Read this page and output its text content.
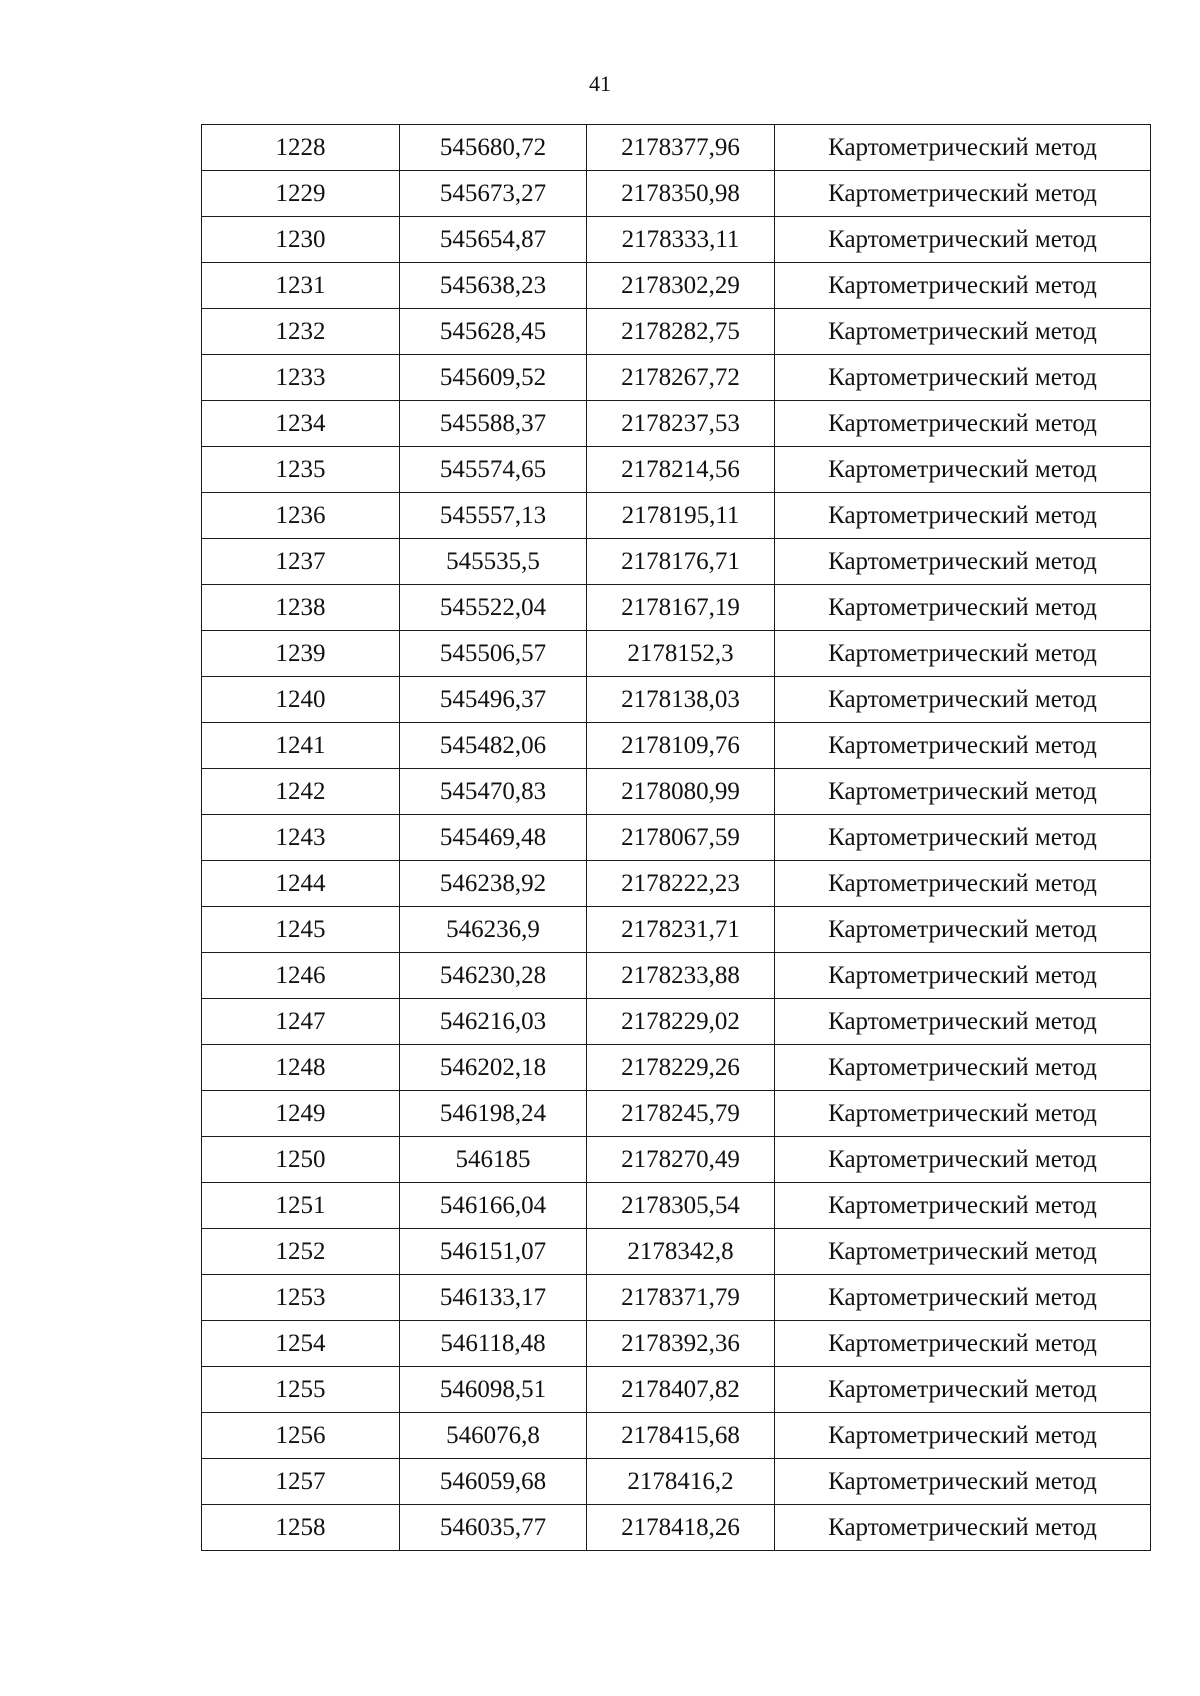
41
1228	545680,72	2178377,96	Картометрический метод
1229	545673,27	2178350,98	Картометрический метод
1230	545654,87	2178333,11	Картометрический метод
1231	545638,23	2178302,29	Картометрический метод
1232	545628,45	2178282,75	Картометрический метод
1233	545609,52	2178267,72	Картометрический метод
1234	545588,37	2178237,53	Картометрический метод
1235	545574,65	2178214,56	Картометрический метод
1236	545557,13	2178195,11	Картометрический метод
1237	545535,5	2178176,71	Картометрический метод
1238	545522,04	2178167,19	Картометрический метод
1239	545506,57	2178152,3	Картометрический метод
1240	545496,37	2178138,03	Картометрический метод
1241	545482,06	2178109,76	Картометрический метод
1242	545470,83	2178080,99	Картометрический метод
1243	545469,48	2178067,59	Картометрический метод
1244	546238,92	2178222,23	Картометрический метод
1245	546236,9	2178231,71	Картометрический метод
1246	546230,28	2178233,88	Картометрический метод
1247	546216,03	2178229,02	Картометрический метод
1248	546202,18	2178229,26	Картометрический метод
1249	546198,24	2178245,79	Картометрический метод
1250	546185	2178270,49	Картометрический метод
1251	546166,04	2178305,54	Картометрический метод
1252	546151,07	2178342,8	Картометрический метод
1253	546133,17	2178371,79	Картометрический метод
1254	546118,48	2178392,36	Картометрический метод
1255	546098,51	2178407,82	Картометрический метод
1256	546076,8	2178415,68	Картометрический метод
1257	546059,68	2178416,2	Картометрический метод
1258	546035,77	2178418,26	Картометрический метод
